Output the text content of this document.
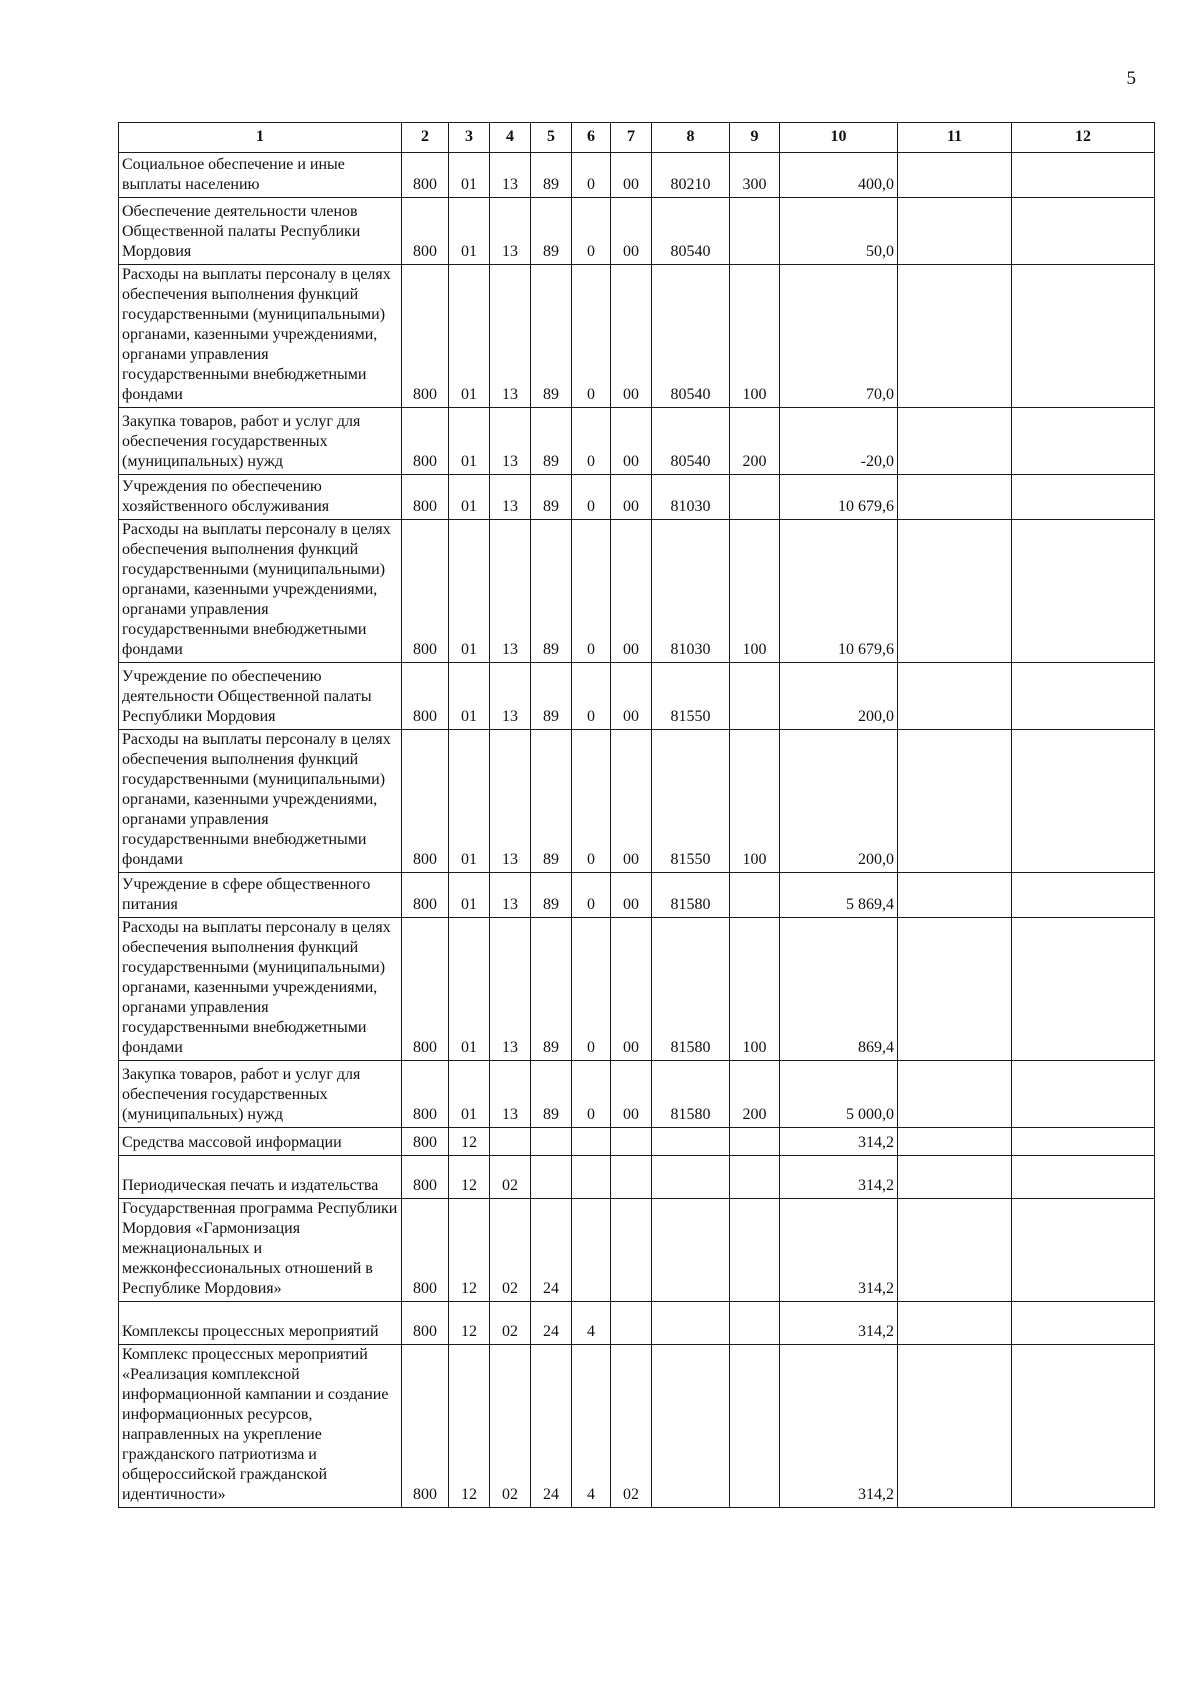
5
1	2	3	4	5	6	7	8	9	10	11	12
Социальное обеспечение и иные выплаты населению	800	01	13	89	0	00	80210	300	400,0		
Обеспечение деятельности членов Общественной палаты Республики Мордовия	800	01	13	89	0	00	80540		50,0		
Расходы на выплаты персоналу в целях обеспечения выполнения функций государственными (муниципальными) органами, казенными учреждениями, органами управления государственными внебюджетными фондами	800	01	13	89	0	00	80540	100	70,0		
Закупка товаров, работ и услуг для обеспечения государственных (муниципальных) нужд	800	01	13	89	0	00	80540	200	-20,0		
Учреждения по обеспечению хозяйственного обслуживания	800	01	13	89	0	00	81030		10 679,6		
Расходы на выплаты персоналу в целях обеспечения выполнения функций государственными (муниципальными) органами, казенными учреждениями, органами управления государственными внебюджетными фондами	800	01	13	89	0	00	81030	100	10 679,6		
Учреждение по обеспечению деятельности Общественной палаты Республики Мордовия	800	01	13	89	0	00	81550		200,0		
Расходы на выплаты персоналу в целях обеспечения выполнения функций государственными (муниципальными) органами, казенными учреждениями, органами управления государственными внебюджетными фондами	800	01	13	89	0	00	81550	100	200,0		
Учреждение в сфере общественного питания	800	01	13	89	0	00	81580		5 869,4		
Расходы на выплаты персоналу в целях обеспечения выполнения функций государственными (муниципальными) органами, казенными учреждениями, органами управления государственными внебюджетными фондами	800	01	13	89	0	00	81580	100	869,4		
Закупка товаров, работ и услуг для обеспечения государственных (муниципальных) нужд	800	01	13	89	0	00	81580	200	5 000,0		
Средства массовой информации	800	12							314,2		
Периодическая печать и издательства	800	12	02						314,2		
Государственная программа Республики Мордовия «Гармонизация межнациональных и межконфессиональных отношений в Республике Мордовия»	800	12	02	24					314,2		
Комплексы процессных мероприятий	800	12	02	24	4				314,2		
Комплекс процессных мероприятий «Реализация комплексной информационной кампании и создание информационных ресурсов, направленных на укрепление гражданского патриотизма и общероссийской гражданской идентичности»	800	12	02	24	4	02			314,2		
